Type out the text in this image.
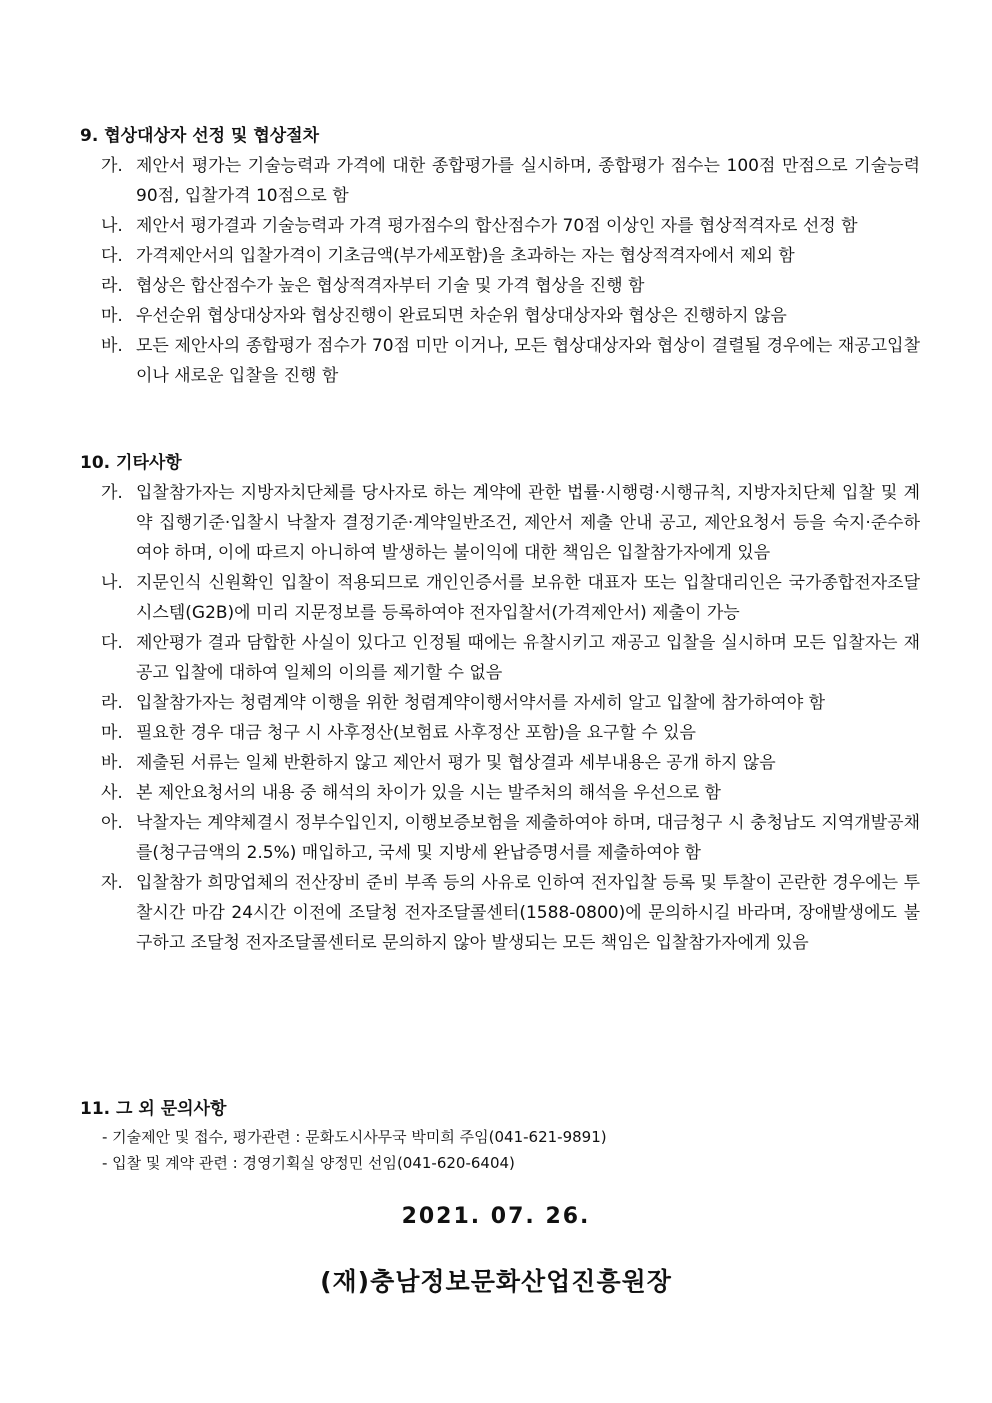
9. 협상대상자 선정 및 협상절차
가. 제안서 평가는 기술능력과 가격에 대한 종합평가를 실시하며, 종합평가 점수는 100점 만점으로 기술능력 90점, 입찰가격 10점으로 함
나. 제안서 평가결과 기술능력과 가격 평가점수의 합산점수가 70점 이상인 자를 협상적격자로 선정 함
다. 가격제안서의 입찰가격이 기초금액(부가세포함)을 초과하는 자는 협상적격자에서 제외 함
라. 협상은 합산점수가 높은 협상적격자부터 기술 및 가격 협상을 진행 함
마. 우선순위 협상대상자와 협상진행이 완료되면 차순위 협상대상자와 협상은 진행하지 않음
바. 모든 제안사의 종합평가 점수가 70점 미만 이거나, 모든 협상대상자와 협상이 결렬될 경우에는 재공고입찰이나 새로운 입찰을 진행 함
10. 기타사항
가. 입찰참가자는 지방자치단체를 당사자로 하는 계약에 관한 법률·시행령·시행규칙, 지방자치단체 입찰 및 계약 집행기준·입찰시 낙찰자 결정기준·계약일반조건, 제안서 제출 안내 공고, 제안요청서 등을 숙지·준수하여야 하며, 이에 따르지 아니하여 발생하는 불이익에 대한 책임은 입찰참가자에게 있음
나. 지문인식 신원확인 입찰이 적용되므로 개인인증서를 보유한 대표자 또는 입찰대리인은 국가종합전자조달시스템(G2B)에 미리 지문정보를 등록하여야 전자입찰서(가격제안서) 제출이 가능
다. 제안평가 결과 담합한 사실이 있다고 인정될 때에는 유찰시키고 재공고 입찰을 실시하며 모든 입찰자는 재공고 입찰에 대하여 일체의 이의를 제기할 수 없음
라. 입찰참가자는 청렴계약 이행을 위한 청렴계약이행서약서를 자세히 알고 입찰에 참가하여야 함
마. 필요한 경우 대금 청구 시 사후정산(보험료 사후정산 포함)을 요구할 수 있음
바. 제출된 서류는 일체 반환하지 않고 제안서 평가 및 협상결과 세부내용은 공개 하지 않음
사. 본 제안요청서의 내용 중 해석의 차이가 있을 시는 발주처의 해석을 우선으로 함
아. 낙찰자는 계약체결시 정부수입인지, 이행보증보험을 제출하여야 하며, 대금청구 시 충청남도 지역개발공채를(청구금액의 2.5%) 매입하고, 국세 및 지방세 완납증명서를 제출하여야 함
자. 입찰참가 희망업체의 전산장비 준비 부족 등의 사유로 인하여 전자입찰 등록 및 투찰이 곤란한 경우에는 투찰시간 마감 24시간 이전에 조달청 전자조달콜센터(1588-0800)에 문의하시길 바라며, 장애발생에도 불구하고 조달청 전자조달콜센터로 문의하지 않아 발생되는 모든 책임은 입찰참가자에게 있음
11. 그 외 문의사항
- 기술제안 및 접수, 평가관련 : 문화도시사무국 박미희 주임(041-621-9891)
- 입찰 및 계약 관련 : 경영기획실 양정민 선임(041-620-6404)
2021. 07. 26.
(재)충남정보문화산업진흥원장
